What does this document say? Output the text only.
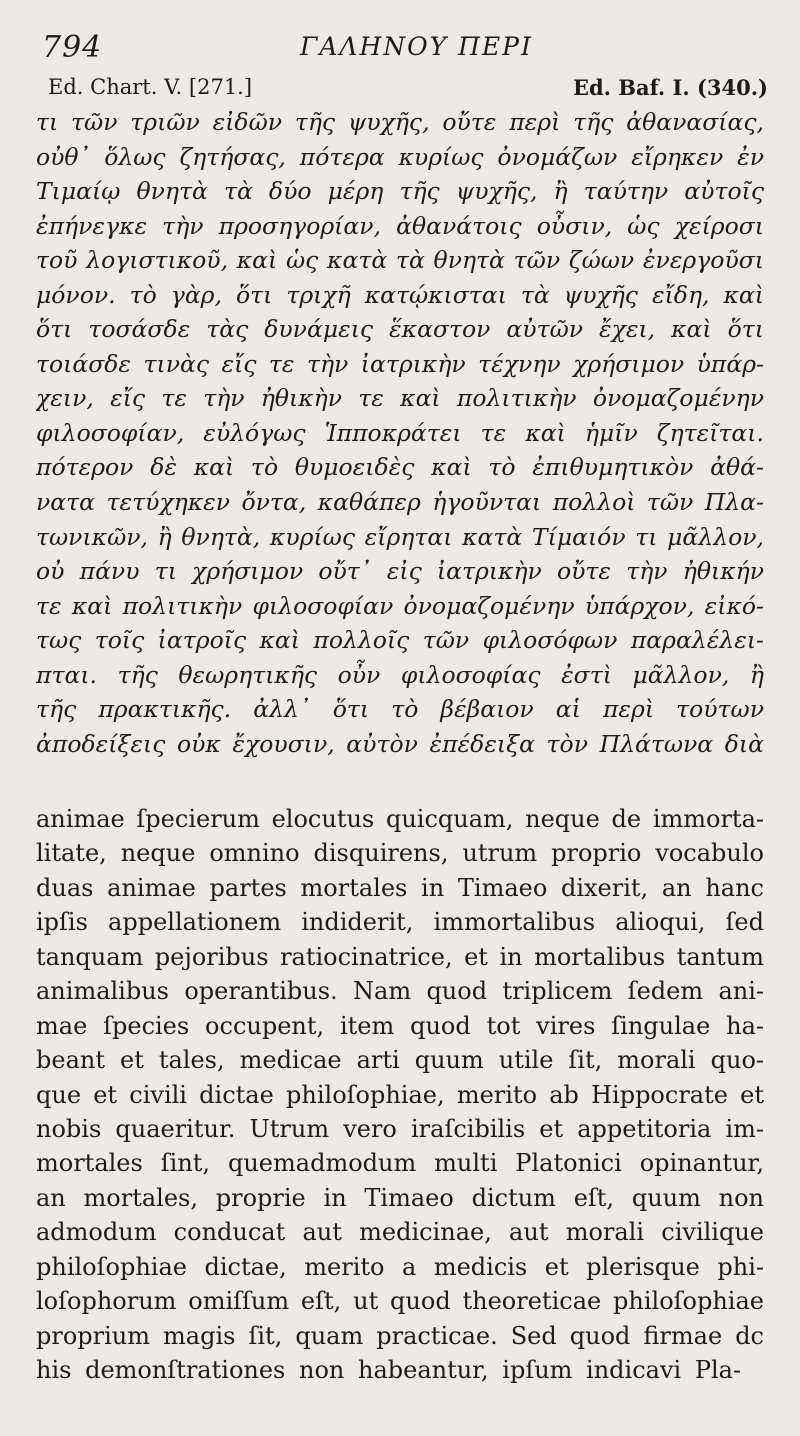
794	ΓΑΛΗΝΟΥ ΠΕΡΙ
Ed. Chart. V. [271.]	Ed. Baf. I. (340.)
τι τῶν τριῶν εἰδῶν τῆς ψυχῆς, οὔτε περὶ τῆς ἀθανασίας,
οὐθ᾽ ὅλως ζητήσας, πότερα κυρίως ὀνομάζων εἴρηκεν ἐν
Τιμαίῳ θνητὰ τὰ δύο μέρη τῆς ψυχῆς, ἢ ταύτην αὐτοῖς
ἐπήνεγκε τὴν προσηγορίαν, ἀθανάτοις οὖσιν, ὡς χείροσι
τοῦ λογιστικοῦ, καὶ ὡς κατὰ τὰ θνητὰ τῶν ζώων ἐνεργοῦσι
μόνον. τὸ γὰρ, ὅτι τριχῆ κατῴκισται τὰ ψυχῆς εἴδη, καὶ
ὅτι τοσάσδε τὰς δυνάμεις ἕκαστον αὐτῶν ἔχει, καὶ ὅτι
τοιάσδε τινὰς εἴς τε τὴν ἰατρικὴν τέχνην χρήσιμον ὑπάρ-
χειν, εἴς τε τὴν ἠθικὴν τε καὶ πολιτικὴν ὀνομαζομένην
φιλοσοφίαν, εὐλόγως Ἱπποκράτει τε καὶ ἡμῖν ζητεῖται.
πότερον δὲ καὶ τὸ θυμοειδὲς καὶ τὸ ἐπιθυμητικὸν ἀθά-
νατα τετύχηκεν ὄντα, καθάπερ ἡγοῦνται πολλοὶ τῶν Πλα-
τωνικῶν, ἢ θνητὰ, κυρίως εἴρηται κατὰ Τίμαιόν τι μᾶλλον,
οὐ πάνυ τι χρήσιμον οὔτ᾽ εἰς ἰατρικὴν οὔτε τὴν ἠθικήν
τε καὶ πολιτικὴν φιλοσοφίαν ὀνομαζομένην ὑπάρχον, εἰκό-
τως τοῖς ἰατροῖς καὶ πολλοῖς τῶν φιλοσόφων παραλέλει-
πται. τῆς θεωρητικῆς οὖν φιλοσοφίας ἐστὶ μᾶλλον, ἢ
τῆς πρακτικῆς. ἀλλ᾽ ὅτι τὸ βέβαιον αἱ περὶ τούτων
ἀποδείξεις οὐκ ἔχουσιν, αὐτὸν ἐπέδειξα τὸν Πλάτωνα διὰ
animae ſpecierum elocutus quicquam, neque de immorta-
litate, neque omnino disquirens, utrum proprio vocabulo
duas animae partes mortales in Timaeo dixerit, an hanc
ipſis appellationem indiderit, immortalibus alioqui, ſed
tanquam pejoribus ratiocinatrice, et in mortalibus tantum
animalibus operantibus. Nam quod triplicem ſedem ani-
mae ſpecies occupent, item quod tot vires ſingulae ha-
beant et tales, medicae arti quum utile ſit, morali quo-
que et civili dictae philoſophiae, merito ab Hippocrate et
nobis quaeritur. Utrum vero iraſcibilis et appetitoria im-
mortales ſint, quemadmodum multi Platonici opinantur,
an mortales, proprie in Timaeo dictum eſt, quum non
admodum conducat aut medicinae, aut morali civilique
philoſophiae dictae, merito a medicis et plerisque phi-
loſophorum omiſſum eſt, ut quod theoreticae philoſophiae
proprium magis ſit, quam practicae. Sed quod firmae dc
his demonſtrationes non habeantur, ipſum indicavi Pla-
